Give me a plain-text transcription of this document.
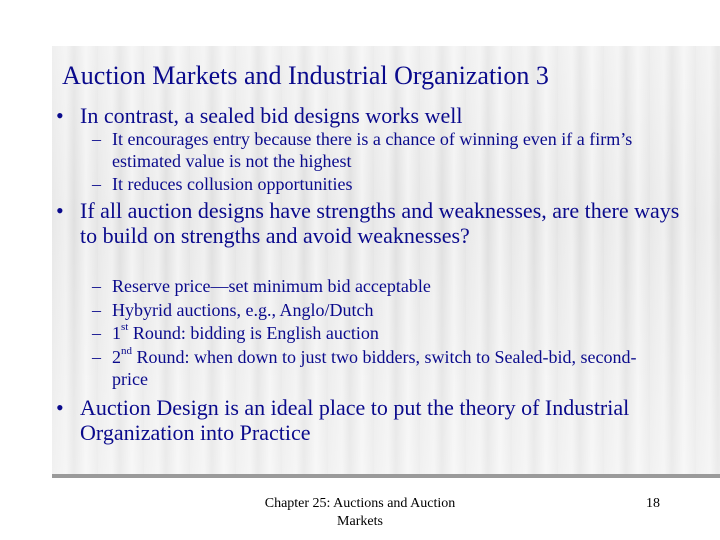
Auction Markets and Industrial Organization 3
• In contrast, a sealed bid designs works well
– It encourages entry because there is a chance of winning even if a firm’s estimated value is not the highest
– It reduces collusion opportunities
• If all auction designs have strengths and weaknesses, are there ways to build on strengths and avoid weaknesses?
– Reserve price—set minimum bid acceptable
– Hybyrid auctions, e.g., Anglo/Dutch
– 1st Round: bidding is English auction
– 2nd Round: when down to just two bidders, switch to Sealed-bid, second-price
• Auction Design is an ideal place to put the theory of Industrial Organization into Practice
Chapter 25: Auctions and Auction Markets
18
